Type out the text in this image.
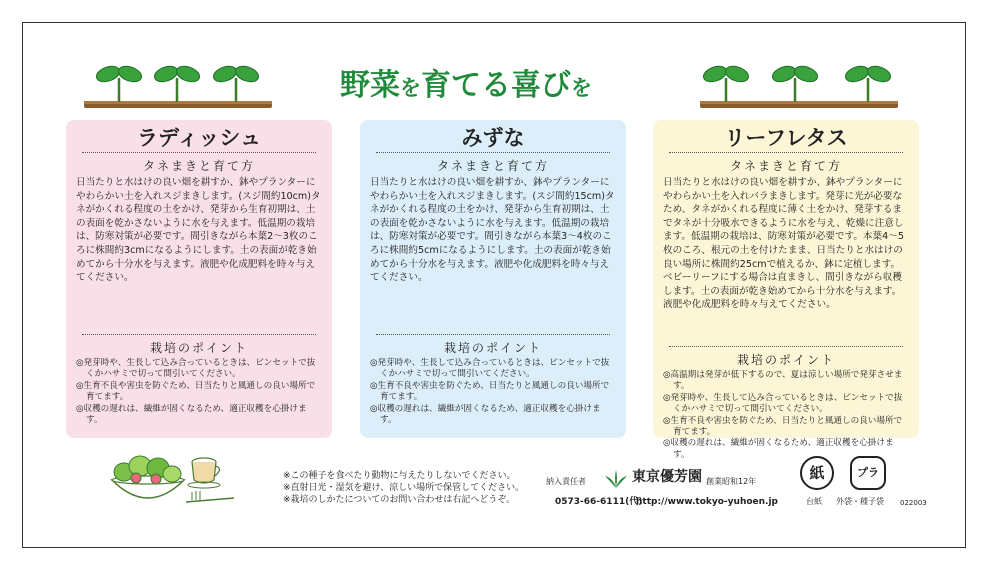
野菜を育てる喜びを
ラディッシュ
タネまきと育て方
日当たりと水はけの良い畑を耕すか、鉢やプランターにやわらかい土を入れスジまきします。(スジ間約10cm)タネがかくれる程度の土をかけ、発芽から生育初期は、土の表面を乾かさないように水を与えます。低温期の栽培は、防寒対策が必要です。間引きながら本葉2〜3枚のころに株間約3cmになるようにします。土の表面が乾き始めてから十分水を与えます。液肥や化成肥料を時々与えてください。
栽培のポイント
◎発芽時や、生長して込み合っているときは、ピンセットで抜くかハサミで切って間引いてください。
◎生育不良や害虫を防ぐため、日当たりと風通しの良い場所で育てます。
◎収穫の遅れは、繊維が固くなるため、適正収穫を心掛けます。
みずな
タネまきと育て方
日当たりと水はけの良い畑を耕すか、鉢やプランターにやわらかい土を入れスジまきします。(スジ間約15cm)タネがかくれる程度の土をかけ、発芽から生育初期は、土の表面を乾かさないように水を与えます。低温期の栽培は、防寒対策が必要です。間引きながら本葉3〜4枚のころに株間約5cmになるようにします。土の表面が乾き始めてから十分水を与えます。液肥や化成肥料を時々与えてください。
栽培のポイント
◎発芽時や、生長して込み合っているときは、ピンセットで抜くかハサミで切って間引いてください。
◎生育不良や害虫を防ぐため、日当たりと風通しの良い場所で育てます。
◎収穫の遅れは、繊維が固くなるため、適正収穫を心掛けます。
リーフレタス
タネまきと育て方
日当たりと水はけの良い畑を耕すか、鉢やプランターにやわらかい土を入れバラまきします。発芽に光が必要なため、タネがかくれる程度に薄く土をかけ、発芽するまでタネが十分吸水できるように水を与え、乾燥に注意します。低温期の栽培は、防寒対策が必要です。本葉4〜5枚のころ、根元の土を付けたまま、日当たりと水はけの良い場所に株間約25cmで植えるか、鉢に定植します。ベビーリーフにする場合は直まきし、間引きながら収穫します。土の表面が乾き始めてから十分水を与えます。液肥や化成肥料を時々与えてください。
栽培のポイント
◎高温期は発芽が低下するので、夏は涼しい場所で発芽させます。
◎発芽時や、生長して込み合っているときは、ピンセットで抜くかハサミで切って間引いてください。
◎生育不良や害虫を防ぐため、日当たりと風通しの良い場所で育てます。
◎収穫の遅れは、繊維が固くなるため、適正収穫を心掛けます。
※この種子を食べたり動物に与えたりしないでください。
※直射日光・湿気を避け、涼しい場所で保管してください。
※栽培のしかたについてのお問い合わせは右記へどうぞ。
納入責任者	東京優芳園 創業昭和12年
0573-66-6111(代)
http://www.tokyo-yuhoen.jp
紙
台紙
プラ
外袋・種子袋 022003
